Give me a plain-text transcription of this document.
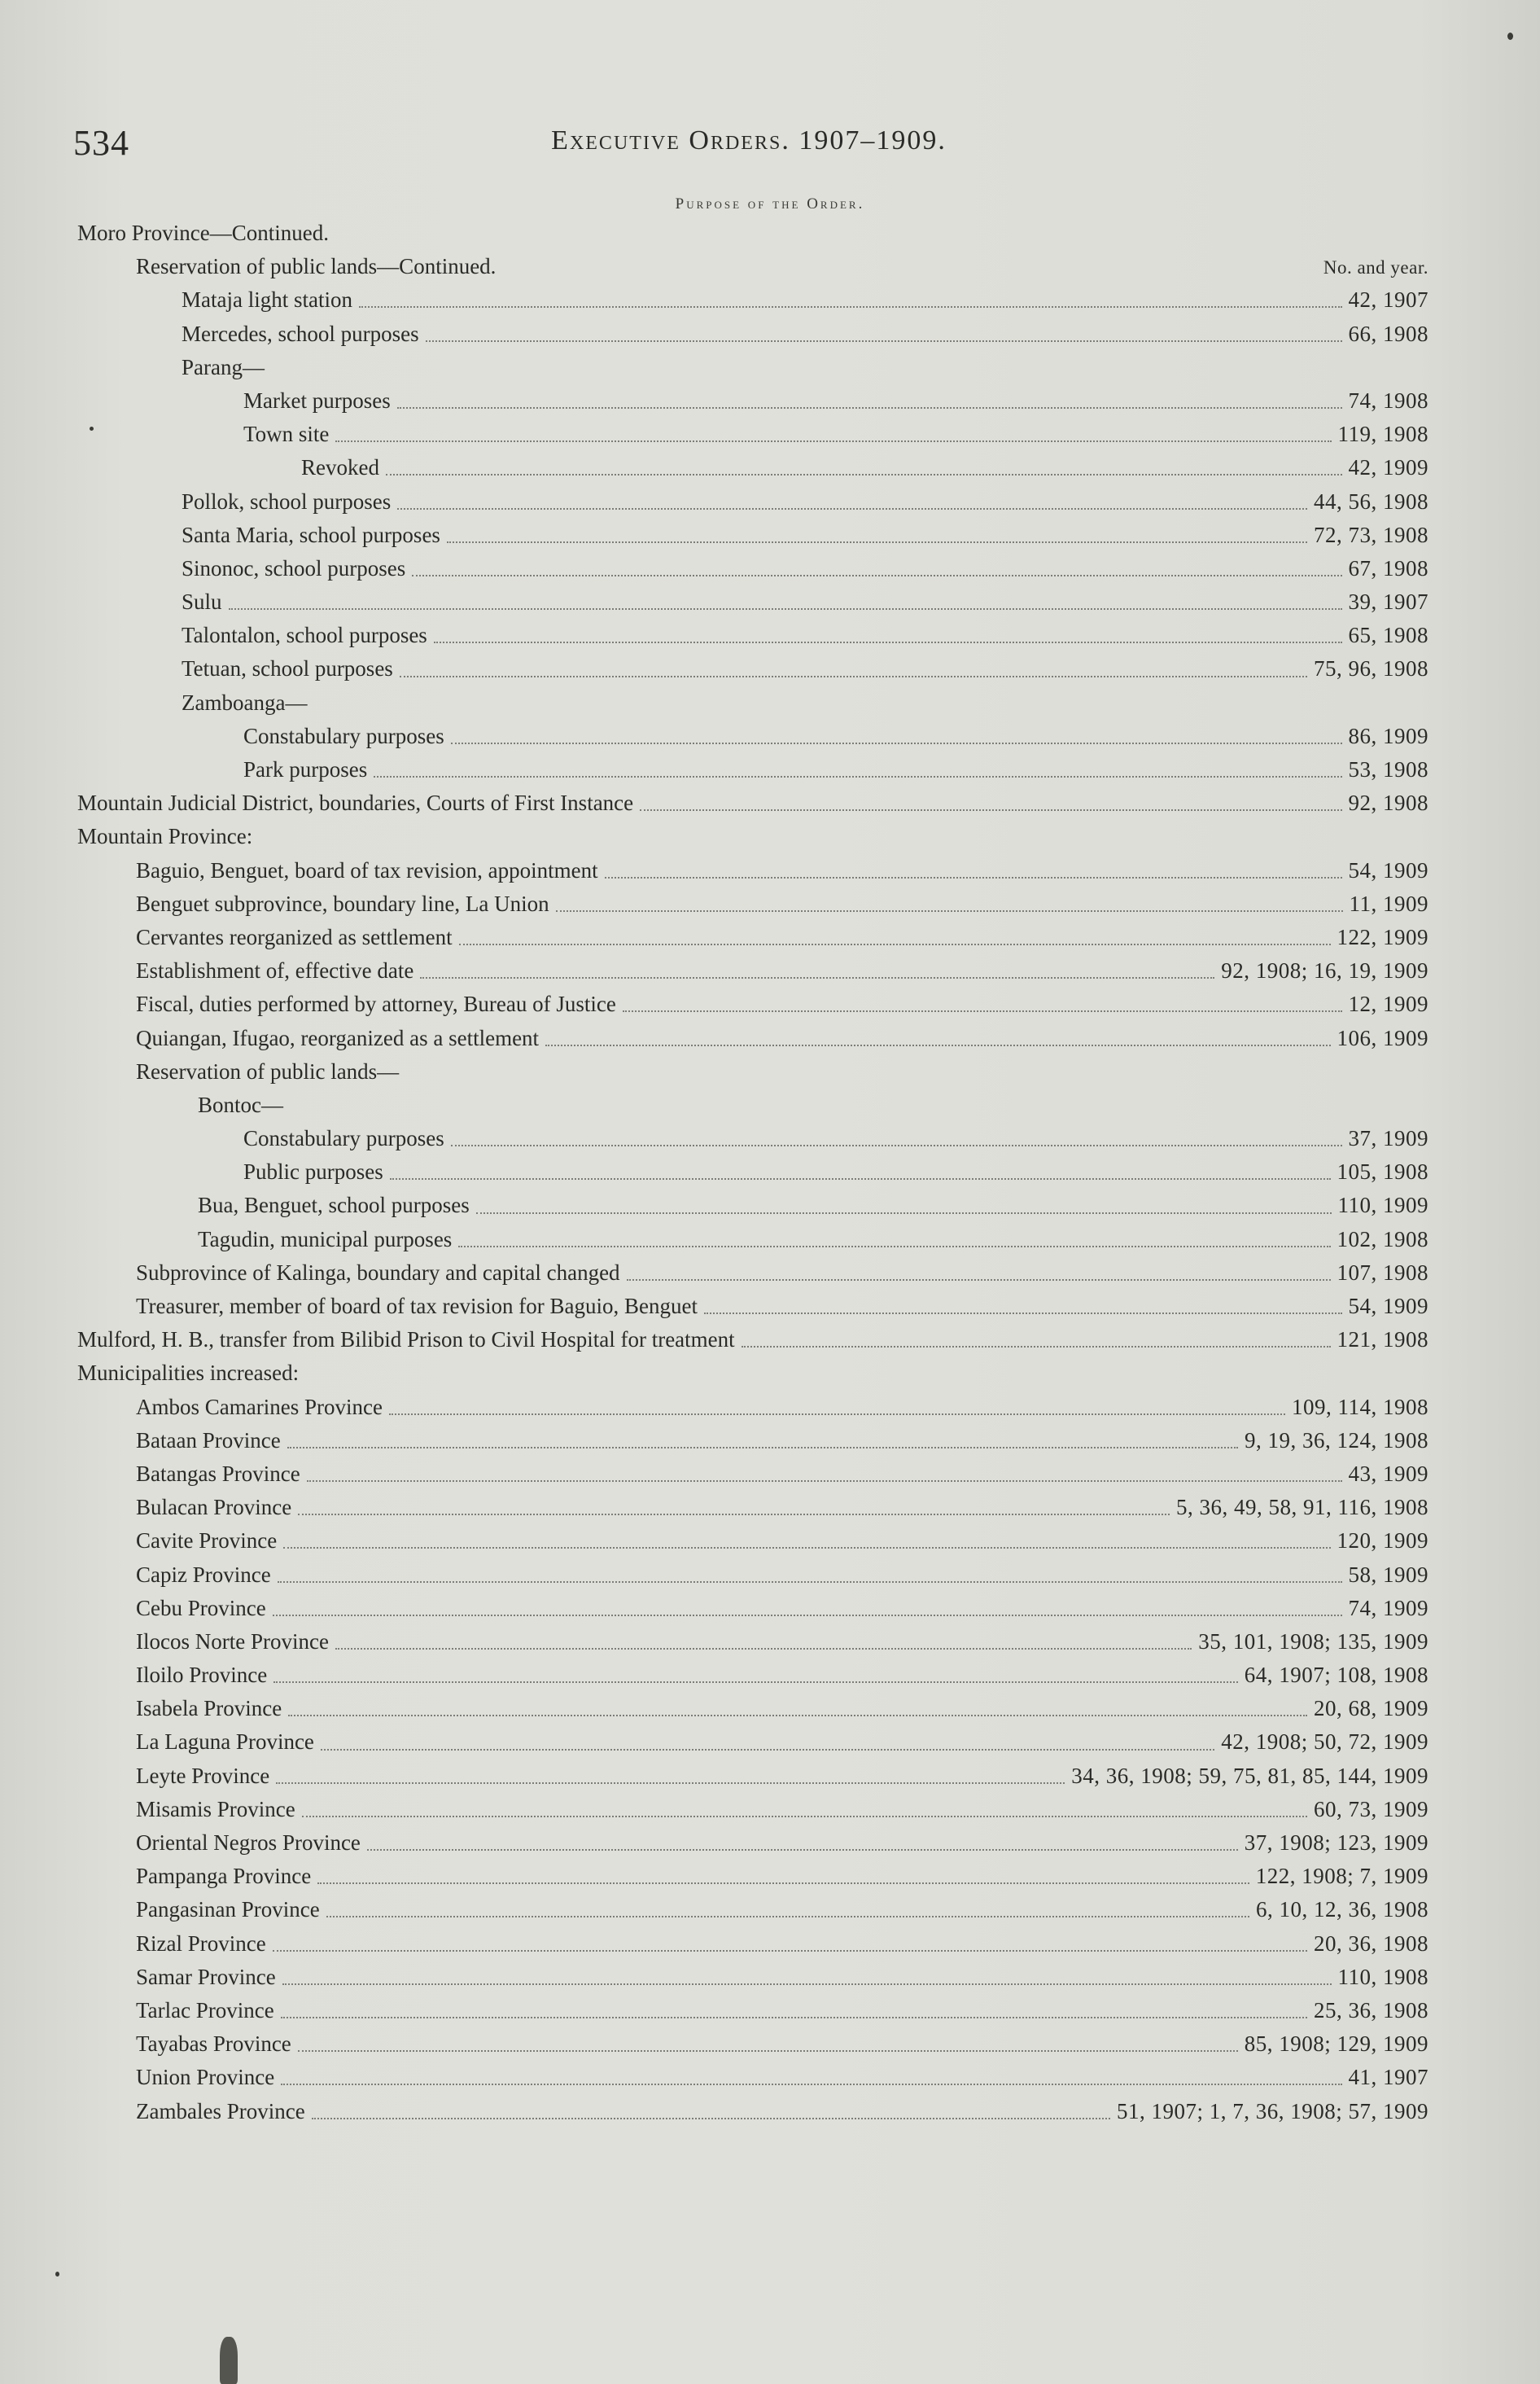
534	Executive Orders. 1907–1909.
Purpose of the Order.
Moro Province—Continued.
Reservation of public lands—Continued.	No. and year.
Mataja light station	42, 1907
Mercedes, school purposes	66, 1908
Parang—
Market purposes	74, 1908
Town site	119, 1908
Revoked	42, 1909
Pollok, school purposes	44, 56, 1908
Santa Maria, school purposes	72, 73, 1908
Sinonoc, school purposes	67, 1908
Sulu	39, 1907
Talontalon, school purposes	65, 1908
Tetuan, school purposes	75, 96, 1908
Zamboanga—
Constabulary purposes	86, 1909
Park purposes	53, 1908
Mountain Judicial District, boundaries, Courts of First Instance	92, 1908
Mountain Province:
Baguio, Benguet, board of tax revision, appointment	54, 1909
Benguet subprovince, boundary line, La Union	11, 1909
Cervantes reorganized as settlement	122, 1909
Establishment of, effective date	92, 1908; 16, 19, 1909
Fiscal, duties performed by attorney, Bureau of Justice	12, 1909
Quiangan, Ifugao, reorganized as a settlement	106, 1909
Reservation of public lands—
Bontoc—
Constabulary purposes	37, 1909
Public purposes	105, 1908
Bua, Benguet, school purposes	110, 1909
Tagudin, municipal purposes	102, 1908
Subprovince of Kalinga, boundary and capital changed	107, 1908
Treasurer, member of board of tax revision for Baguio, Benguet	54, 1909
Mulford, H. B., transfer from Bilibid Prison to Civil Hospital for treatment	121, 1908
Municipalities increased:
Ambos Camarines Province	109, 114, 1908
Bataan Province	9, 19, 36, 124, 1908
Batangas Province	43, 1909
Bulacan Province	5, 36, 49, 58, 91, 116, 1908
Cavite Province	120, 1909
Capiz Province	58, 1909
Cebu Province	74, 1909
Ilocos Norte Province	35, 101, 1908; 135, 1909
Iloilo Province	64, 1907; 108, 1908
Isabela Province	20, 68, 1909
La Laguna Province	42, 1908; 50, 72, 1909
Leyte Province	34, 36, 1908; 59, 75, 81, 85, 144, 1909
Misamis Province	60, 73, 1909
Oriental Negros Province	37, 1908; 123, 1909
Pampanga Province	122, 1908; 7, 1909
Pangasinan Province	6, 10, 12, 36, 1908
Rizal Province	20, 36, 1908
Samar Province	110, 1908
Tarlac Province	25, 36, 1908
Tayabas Province	85, 1908; 129, 1909
Union Province	41, 1907
Zambales Province	51, 1907; 1, 7, 36, 1908; 57, 1909
